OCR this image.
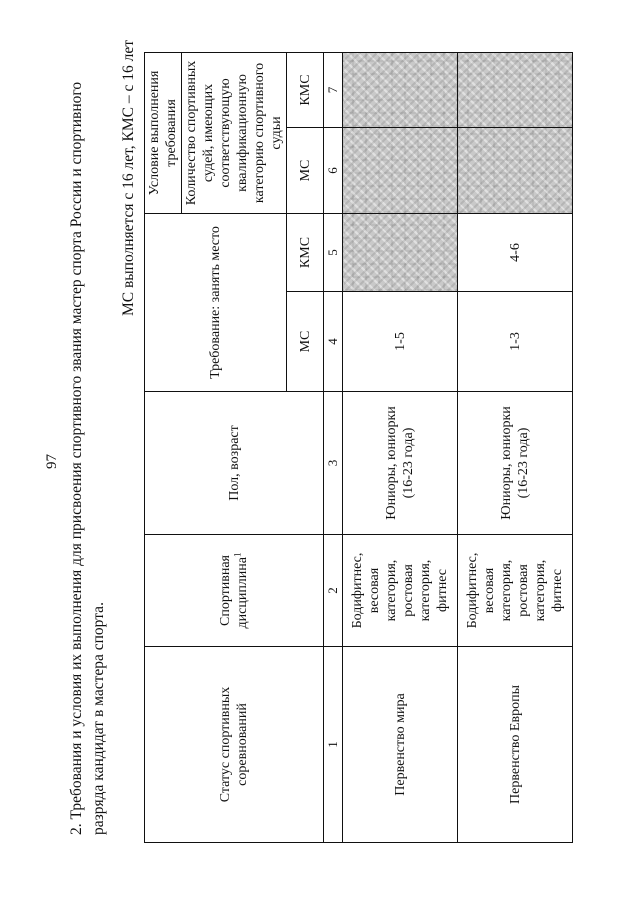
97 2. Требования и условия их выполнения для присвоения спортивного звания мастер спорта России и спортивного разряда кандидат в мастера спорта.
МС выполняется с 16 лет, КМС – с 16 лет
Статус спортивных соревнований	Спортивная дисциплина$^1$	Пол, возраст	Требование: занять место		Условие выполнения требования	
					Количество спортивных судей, имеющих соответствующую квалификационную категорию спортивного судьи	
			МС	КМС	МС	КМС
1	2	3	4	5	6	7
Первенство мира	Бодифитнес, весовая категория, ростовая категория, фитнес	Юниоры, юниорки (16-23 года)	1-5			
Первенство Европы	Бодифитнес, весовая категория, ростовая категория, фитнес	Юниоры, юниорки (16-23 года)	1-3	4-6		
